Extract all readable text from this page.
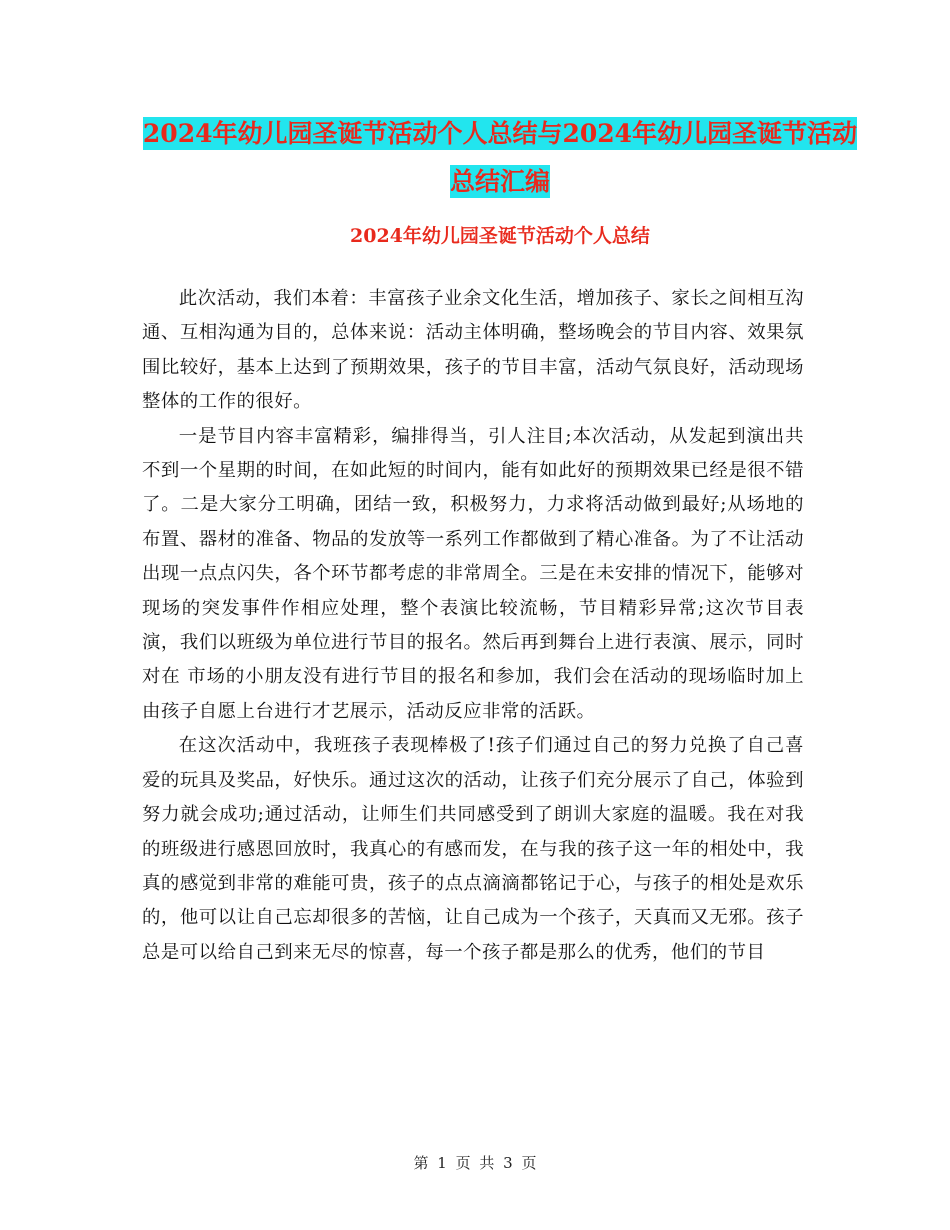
2024年幼儿园圣诞节活动个人总结与2024年幼儿园圣诞节活动总结汇编
2024年幼儿园圣诞节活动个人总结

此次活动，我们本着：丰富孩子业余文化生活，增加孩子、家长之间相互沟通、互相沟通为目的，总体来说：活动主体明确，整场晚会的节目内容、效果氛围比较好，基本上达到了预期效果，孩子的节目丰富，活动气氛良好，活动现场整体的工作的很好。

一是节目内容丰富精彩，编排得当，引人注目;本次活动，从发起到演出共不到一个星期的时间，在如此短的时间内，能有如此好的预期效果已经是很不错了。二是大家分工明确，团结一致，积极努力，力求将活动做到最好;从场地的布置、器材的准备、物品的发放等一系列工作都做到了精心准备。为了不让活动出现一点点闪失，各个环节都考虑的非常周全。三是在未安排的情况下，能够对现场的突发事件作相应处理，整个表演比较流畅，节目精彩异常;这次节目表演，我们以班级为单位进行节目的报名。然后再到舞台上进行表演、展示，同时对在 市场的小朋友没有进行节目的报名和参加，我们会在活动的现场临时加上由孩子自愿上台进行才艺展示，活动反应非常的活跃。

在这次活动中，我班孩子表现棒极了!孩子们通过自己的努力兑换了自己喜爱的玩具及奖品，好快乐。通过这次的活动，让孩子们充分展示了自己，体验到努力就会成功;通过活动，让师生们共同感受到了朗训大家庭的温暖。我在对我的班级进行感恩回放时，我真心的有感而发，在与我的孩子这一年的相处中，我真的感觉到非常的难能可贵，孩子的点点滴滴都铭记于心，与孩子的相处是欢乐的，他可以让自己忘却很多的苦恼，让自己成为一个孩子，天真而又无邪。孩子总是可以给自己到来无尽的惊喜，每一个孩子都是那么的优秀，他们的节目

第 1 页 共 3 页
